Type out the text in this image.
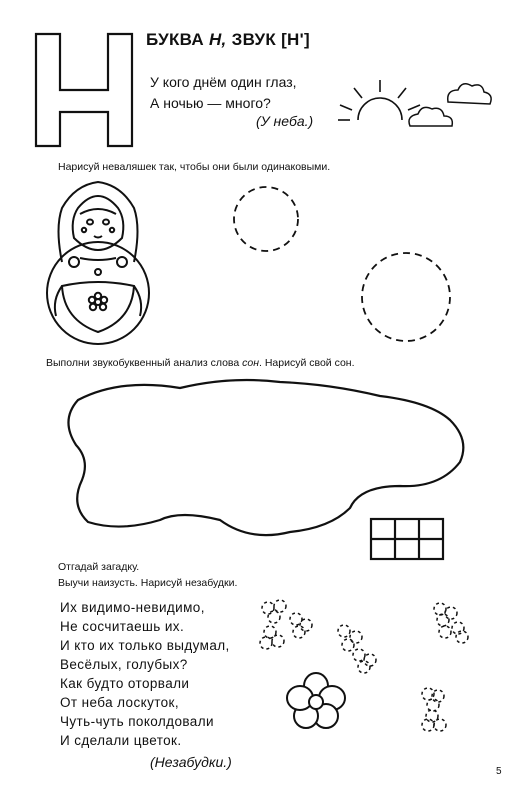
БУКВА Н, ЗВУК [Н']
У кого днём один глаз,
А ночью — много?
(У неба.)
Нарисуй неваляшек так, чтобы они были одинаковыми.
Выполни звукобуквенный анализ слова сон. Нарисуй свой сон.
Отгадай загадку.
Выучи наизусть. Нарисуй незабудки.
Их видимо-невидимо,
Не сосчитаешь их.
И кто их только выдумал,
Весёлых, голубых?
Как будто оторвали
От неба лоскуток,
Чуть-чуть поколдовали
И сделали цветок.
(Незабудки.)
5
